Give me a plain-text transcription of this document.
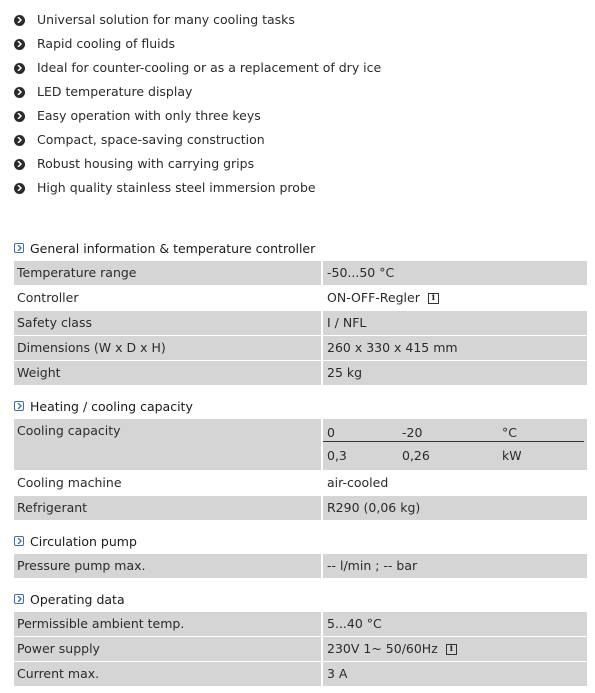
Universal solution for many cooling tasks
Rapid cooling of fluids
Ideal for counter-cooling or as a replacement of dry ice
LED temperature display
Easy operation with only three keys
Compact, space-saving construction
Robust housing with carrying grips
High quality stainless steel immersion probe
General information & temperature controller
Temperature range	-50...50 °C
Controller	ON-OFF-Regler	i
Safety class	I / NFL
Dimensions (W x D x H)	260 x 330 x 415 mm
Weight	25 kg
Heating / cooling capacity
Cooling capacity	0	-20	°C
0,3	0,26	kW
Cooling machine	air-cooled
Refrigerant	R290 (0,06 kg)
Circulation pump
Pressure pump max.	-- l/min ; -- bar
Operating data
Permissible ambient temp.	5...40 °C
Power supply	230V 1~ 50/60Hz	i
Current max.	3 A
